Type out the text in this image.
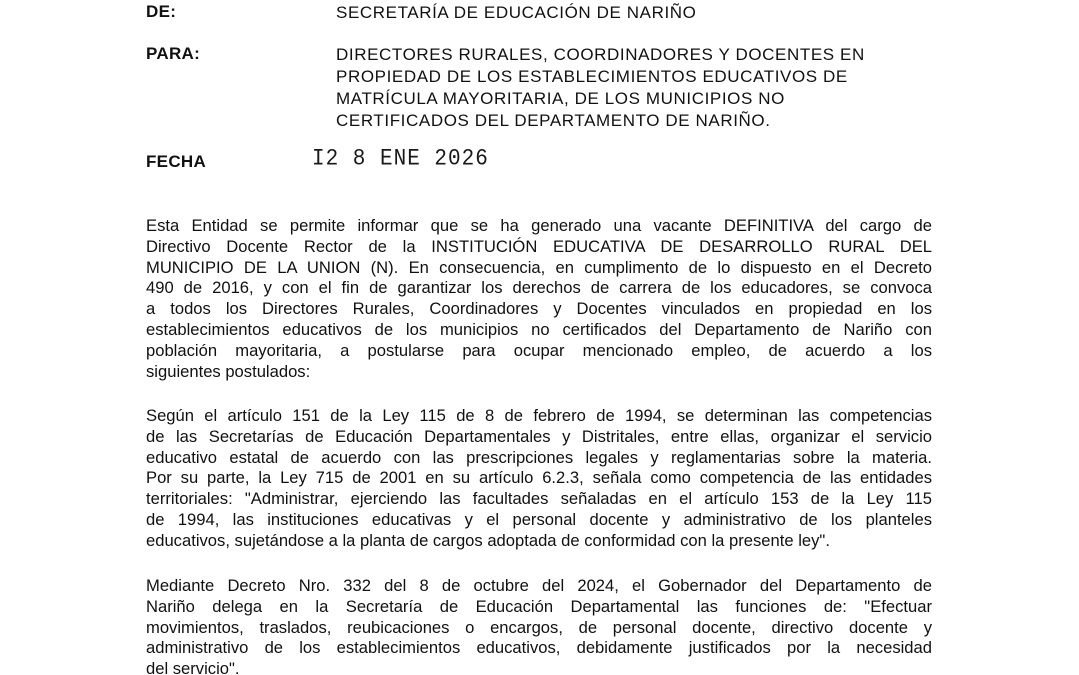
DE:	SECRETARÍA DE EDUCACIÓN DE NARIÑO
PARA:	DIRECTORES RURALES, COORDINADORES Y DOCENTES EN
PROPIEDAD DE LOS ESTABLECIMIENTOS EDUCATIVOS DE
MATRÍCULA MAYORITARIA, DE LOS MUNICIPIOS NO
CERTIFICADOS DEL DEPARTAMENTO DE NARIÑO.
FECHA	I2 8 ENE 2026
Esta Entidad se permite informar que se ha generado una vacante DEFINITIVA del cargo de
Directivo Docente Rector de la INSTITUCIÓN EDUCATIVA DE DESARROLLO RURAL DEL
MUNICIPIO DE LA UNION (N). En consecuencia, en cumplimento de lo dispuesto en el Decreto
490 de 2016, y con el fin de garantizar los derechos de carrera de los educadores, se convoca
a todos los Directores Rurales, Coordinadores y Docentes vinculados en propiedad en los
establecimientos educativos de los municipios no certificados del Departamento de Nariño con
población mayoritaria, a postularse para ocupar mencionado empleo, de acuerdo a los
siguientes postulados:
Según el artículo 151 de la Ley 115 de 8 de febrero de 1994, se determinan las competencias
de las Secretarías de Educación Departamentales y Distritales, entre ellas, organizar el servicio
educativo estatal de acuerdo con las prescripciones legales y reglamentarias sobre la materia.
Por su parte, la Ley 715 de 2001 en su artículo 6.2.3, señala como competencia de las entidades
territoriales: "Administrar, ejerciendo las facultades señaladas en el artículo 153 de la Ley 115
de 1994, las instituciones educativas y el personal docente y administrativo de los planteles
educativos, sujetándose a la planta de cargos adoptada de conformidad con la presente ley".
Mediante Decreto Nro. 332 del 8 de octubre del 2024, el Gobernador del Departamento de
Nariño delega en la Secretaría de Educación Departamental las funciones de: "Efectuar
movimientos, traslados, reubicaciones o encargos, de personal docente, directivo docente y
administrativo de los establecimientos educativos, debidamente justificados por la necesidad
del servicio".
